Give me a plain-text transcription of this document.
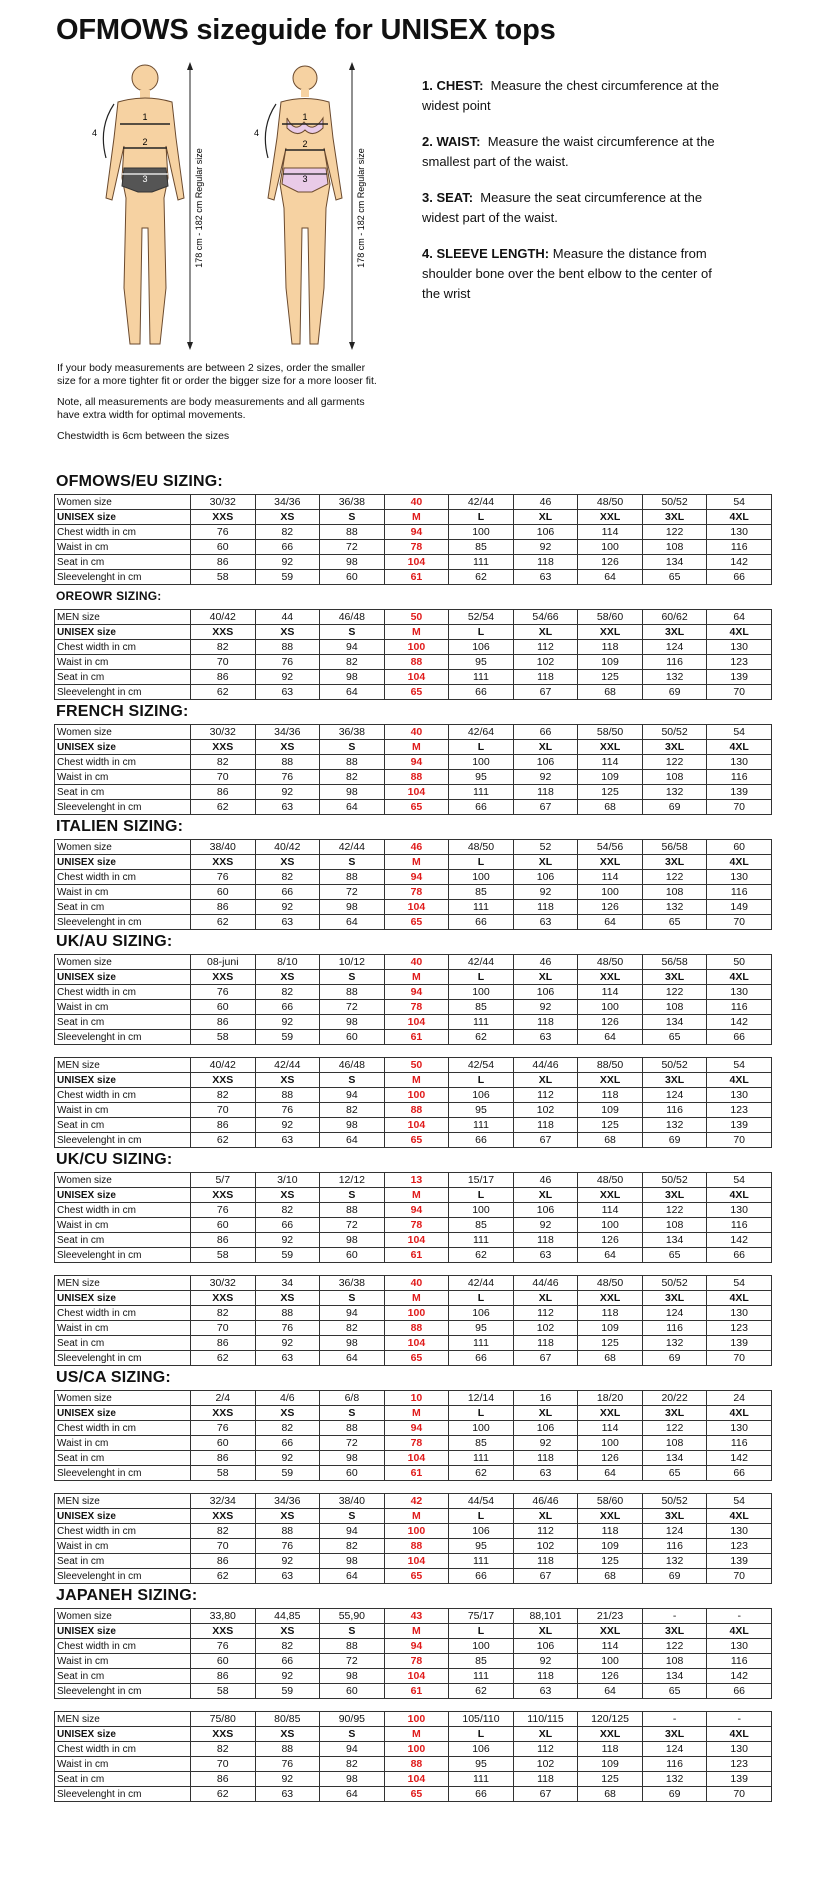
OFMOWS sizeguide for UNISEX tops
1
2
3
4
178 cm - 182 cm Regular size
1
2
3
4
178 cm - 182 cm Regular size
1. CHEST: Measure the chest circumference at the widest point
2. WAIST: Measure the waist circumference at the smallest part of the waist.
3. SEAT: Measure the seat circumference at the widest part of the waist.
4. SLEEVE LENGTH: Measure the distance from shoulder bone over the bent elbow to the center of the wrist
If your body measurements are between 2 sizes, order the smaller size for a more tighter fit or order the bigger size for a more looser fit.
Note, all measurements are body measurements and all garments have extra width for optimal movements.
Chestwidth is 6cm between the sizes
OFMOWS/EU SIZING:
Women size	30/32	34/36	36/38	40	42/44	46	48/50	50/52	54
UNISEX size	XXS	XS	S	M	L	XL	XXL	3XL	4XL
Chest width in cm	76	82	88	94	100	106	114	122	130
Waist in cm	60	66	72	78	85	92	100	108	116
Seat in cm	86	92	98	104	111	118	126	134	142
Sleevelenght in cm	58	59	60	61	62	63	64	65	66
OREOWR SIZING:
MEN size	40/42	44	46/48	50	52/54	54/66	58/60	60/62	64
UNISEX size	XXS	XS	S	M	L	XL	XXL	3XL	4XL
Chest width in cm	82	88	94	100	106	112	118	124	130
Waist in cm	70	76	82	88	95	102	109	116	123
Seat in cm	86	92	98	104	111	118	125	132	139
Sleevelenght in cm	62	63	64	65	66	67	68	69	70
FRENCH SIZING:
Women size	30/32	34/36	36/38	40	42/64	66	58/50	50/52	54
UNISEX size	XXS	XS	S	M	L	XL	XXL	3XL	4XL
Chest width in cm	82	88	88	94	100	106	114	122	130
Waist in cm	70	76	82	88	95	92	109	108	116
Seat in cm	86	92	98	104	111	118	125	132	139
Sleevelenght in cm	62	63	64	65	66	67	68	69	70
ITALIEN SIZING:
Women size	38/40	40/42	42/44	46	48/50	52	54/56	56/58	60
UNISEX size	XXS	XS	S	M	L	XL	XXL	3XL	4XL
Chest width in cm	76	82	88	94	100	106	114	122	130
Waist in cm	60	66	72	78	85	92	100	108	116
Seat in cm	86	92	98	104	111	118	126	132	149
Sleevelenght in cm	62	63	64	65	66	63	64	65	70
UK/AU SIZING:
Women size	08-juni	8/10	10/12	40	42/44	46	48/50	56/58	50
UNISEX size	XXS	XS	S	M	L	XL	XXL	3XL	4XL
Chest width in cm	76	82	88	94	100	106	114	122	130
Waist in cm	60	66	72	78	85	92	100	108	116
Seat in cm	86	92	98	104	111	118	126	134	142
Sleevelenght in cm	58	59	60	61	62	63	64	65	66
MEN size	40/42	42/44	46/48	50	42/54	44/46	88/50	50/52	54
UNISEX size	XXS	XS	S	M	L	XL	XXL	3XL	4XL
Chest width in cm	82	88	94	100	106	112	118	124	130
Waist in cm	70	76	82	88	95	102	109	116	123
Seat in cm	86	92	98	104	111	118	125	132	139
Sleevelenght in cm	62	63	64	65	66	67	68	69	70
UK/CU SIZING:
Women size	5/7	3/10	12/12	13	15/17	46	48/50	50/52	54
UNISEX size	XXS	XS	S	M	L	XL	XXL	3XL	4XL
Chest width in cm	76	82	88	94	100	106	114	122	130
Waist in cm	60	66	72	78	85	92	100	108	116
Seat in cm	86	92	98	104	111	118	126	134	142
Sleevelenght in cm	58	59	60	61	62	63	64	65	66
MEN size	30/32	34	36/38	40	42/44	44/46	48/50	50/52	54
UNISEX size	XXS	XS	S	M	L	XL	XXL	3XL	4XL
Chest width in cm	82	88	94	100	106	112	118	124	130
Waist in cm	70	76	82	88	95	102	109	116	123
Seat in cm	86	92	98	104	111	118	125	132	139
Sleevelenght in cm	62	63	64	65	66	67	68	69	70
US/CA SIZING:
Women size	2/4	4/6	6/8	10	12/14	16	18/20	20/22	24
UNISEX size	XXS	XS	S	M	L	XL	XXL	3XL	4XL
Chest width in cm	76	82	88	94	100	106	114	122	130
Waist in cm	60	66	72	78	85	92	100	108	116
Seat in cm	86	92	98	104	111	118	126	134	142
Sleevelenght in cm	58	59	60	61	62	63	64	65	66
MEN size	32/34	34/36	38/40	42	44/54	46/46	58/60	50/52	54
UNISEX size	XXS	XS	S	M	L	XL	XXL	3XL	4XL
Chest width in cm	82	88	94	100	106	112	118	124	130
Waist in cm	70	76	82	88	95	102	109	116	123
Seat in cm	86	92	98	104	111	118	125	132	139
Sleevelenght in cm	62	63	64	65	66	67	68	69	70
JAPANEH SIZING:
Women size	33,80	44,85	55,90	43	75/17	88,101	21/23	-	-
UNISEX size	XXS	XS	S	M	L	XL	XXL	3XL	4XL
Chest width in cm	76	82	88	94	100	106	114	122	130
Waist in cm	60	66	72	78	85	92	100	108	116
Seat in cm	86	92	98	104	111	118	126	134	142
Sleevelenght in cm	58	59	60	61	62	63	64	65	66
MEN size	75/80	80/85	90/95	100	105/110	110/115	120/125	-	-
UNISEX size	XXS	XS	S	M	L	XL	XXL	3XL	4XL
Chest width in cm	82	88	94	100	106	112	118	124	130
Waist in cm	70	76	82	88	95	102	109	116	123
Seat in cm	86	92	98	104	111	118	125	132	139
Sleevelenght in cm	62	63	64	65	66	67	68	69	70
